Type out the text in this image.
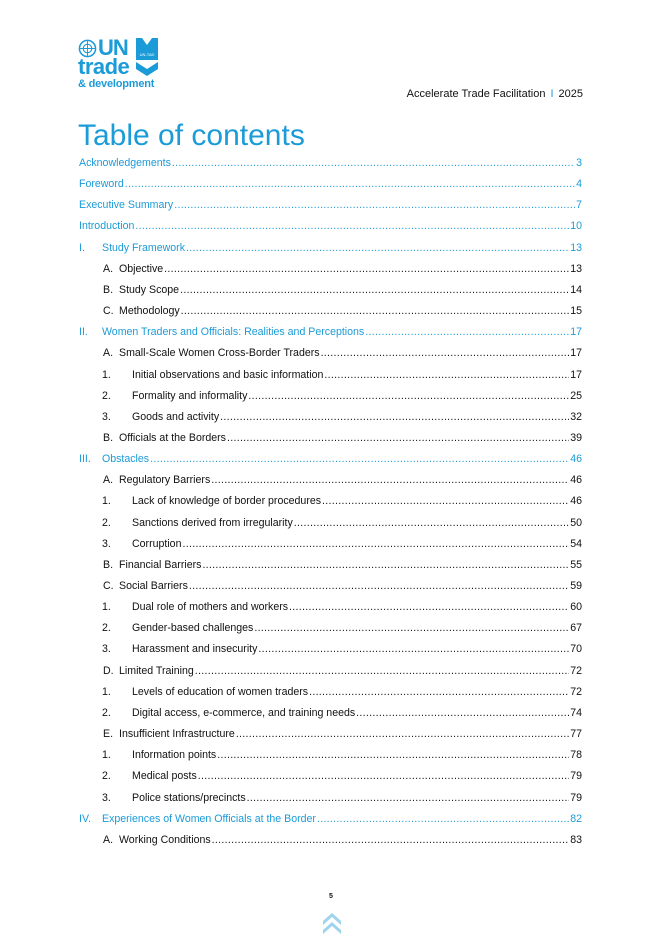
UN	UN-TAD
trade
& development
Accelerate Trade Facilitation I 2025
Table of contents
Acknowledgements .....	3
Foreword .....	4
Executive Summary .....	7
Introduction .....	10
I.	Study Framework .....	13
A. Objective .....	13
B. Study Scope .....	14
C. Methodology .....	15
II.	Women Traders and Officials: Realities and Perceptions .....	17
A. Small-Scale Women Cross-Border Traders .....	17
1.	Initial observations and basic information .....	17
2.	Formality and informality .....	25
3.	Goods and activity .....	32
B. Officials at the Borders .....	39
III.	Obstacles .....	46
A. Regulatory Barriers .....	46
1.	Lack of knowledge of border procedures .....	46
2.	Sanctions derived from irregularity .....	50
3.	Corruption .....	54
B. Financial Barriers .....	55
C. Social Barriers .....	59
1.	Dual role of mothers and workers .....	60
2.	Gender-based challenges .....	67
3.	Harassment and insecurity .....	70
D. Limited Training .....	72
1.	Levels of education of women traders .....	72
2.	Digital access, e-commerce, and training needs .....	74
E. Insufficient Infrastructure .....	77
1.	Information points .....	78
2.	Medical posts .....	79
3.	Police stations/precincts .....	79
IV.	Experiences of Women Officials at the Border .....	82
A. Working Conditions .....	83
5
